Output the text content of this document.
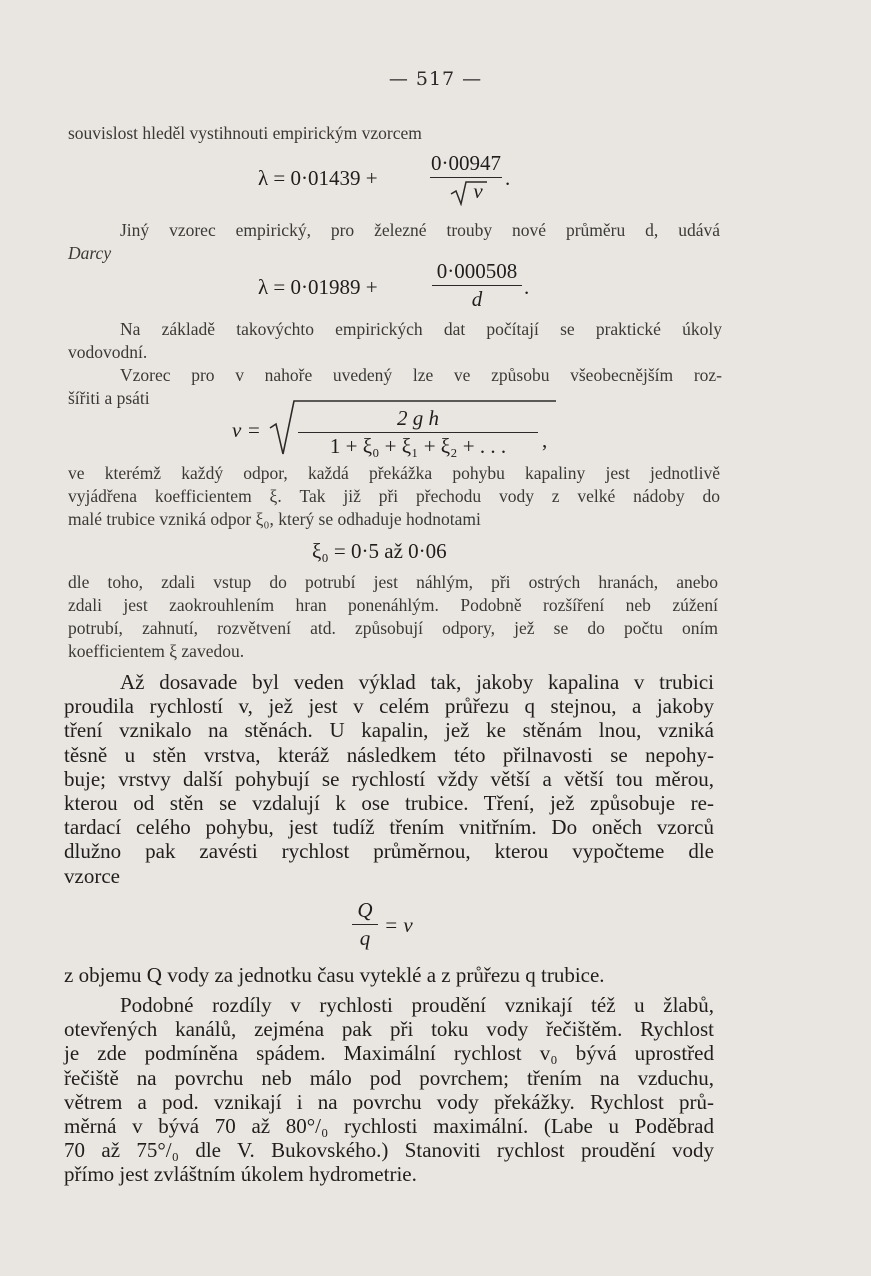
— 517 —
souvislost hleděl vystihnouti empirickým vzorcem
λ = 0·01439 +
0·00947
v
.
Jiný vzorec empirický, pro železné trouby nové průměru d, udává
Darcy
λ = 0·01989 +
0·000508
d	.
Na základě takovýchto empirických dat počítají se praktické úkoly
vodovodní.
Vzorec pro v nahoře uvedený lze ve způsobu všeobecnějším roz-
šířiti a psáti
v =	2 g h
1 + ξ₀ + ξ₁ + ξ₂ + . . .	,
ve kterémž každý odpor, každá překážka pohybu kapaliny jest jednotlivě
vyjádřena koefficientem ξ. Tak již při přechodu vody z velké nádoby do
malé trubice vzniká odpor ξ₀, který se odhaduje hodnotami
ξ₀ = 0·5 až 0·06
dle toho, zdali vstup do potrubí jest náhlým, při ostrých hranách, anebo
zdali jest zaokrouhlením hran ponenáhlým. Podobně rozšíření neb zúžení
potrubí, zahnutí, rozvětvení atd. způsobují odpory, jež se do počtu oním
koefficientem ξ zavedou.
Až dosavade byl veden výklad tak, jakoby kapalina v trubici
proudila rychlostí v, jež jest v celém průřezu q stejnou, a jakoby
tření vznikalo na stěnách. U kapalin, jež ke stěnám lnou, vzniká
těsně u stěn vrstva, kteráž následkem této přilnavosti se nepohy-
buje; vrstvy další pohybují se rychlostí vždy větší a větší tou měrou,
kterou od stěn se vzdalují k ose trubice. Tření, jež způsobuje re-
tardací celého pohybu, jest tudíž třením vnitřním. Do oněch vzorců
dlužno pak zavésti rychlost průměrnou, kterou vypočteme dle
vzorce
Q
q
= v
z objemu Q vody za jednotku času vyteklé a z průřezu q trubice.
Podobné rozdíly v rychlosti proudění vznikají též u žlabů,
otevřených kanálů, zejména pak při toku vody řečištěm. Rychlost
je zde podmíněna spádem. Maximální rychlost v₀ bývá uprostřed
řečiště na povrchu neb málo pod povrchem; třením na vzduchu,
větrem a pod. vznikají i na povrchu vody překážky. Rychlost prů-
měrná v bývá 70 až 80°/₀ rychlosti maximální. (Labe u Poděbrad
70 až 75°/₀ dle V. Bukovského.) Stanoviti rychlost proudění vody
přímo jest zvláštním úkolem hydrometrie.
